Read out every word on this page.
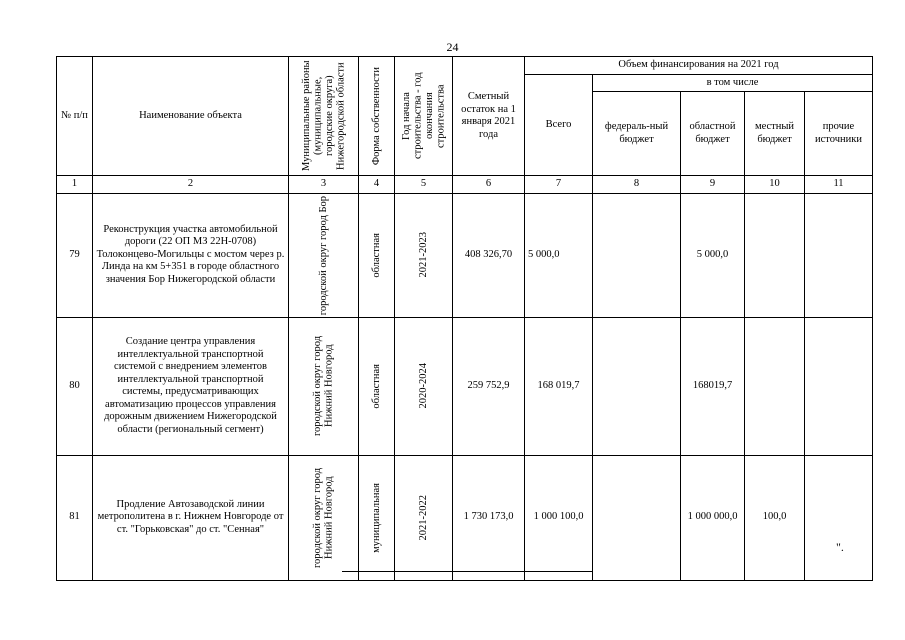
24
№ п/п	Наименование объекта	Муниципальные районы (муниципальные, городские округа) Нижегородской области	Форма собственности	Год начала строительства - год окончания строительства	Сметный остаток на 1 января 2021 года	Объем финансирования на 2021 год				
						Всего	в том числе			
							федераль-ный бюджет	областной бюджет	местный бюджет	прочие источники
1	2	3	4	5	6	7	8	9	10	11
79	Реконструкция участка автомобильной дороги (22 ОП МЗ 22Н-0708) Толоконцево-Могильцы с мостом через р. Линда на км 5+351 в городе областного значения Бор Нижегородской области	городской округ город Бор	областная	2021-2023	408 326,70	5 000,0		5 000,0		
80	Создание центра управления интеллектуальной транспортной системой с внедрением элементов интеллектуальной транспортной системы, предусматривающих автоматизацию процессов управления дорожным движением Нижегородской области (региональный сегмент)	городской округ город Нижний Новгород	областная	2020-2024	259 752,9	168 019,7		168019,7		
81	Продление Автозаводской линии метрополитена в г. Нижнем Новгороде от ст. "Горьковская" до ст. "Сенная"	городской округ город Нижний Новгород	муниципальная	2021-2022	1 730 173,0	1 000 100,0		1 000 000,0	100,0	
".
